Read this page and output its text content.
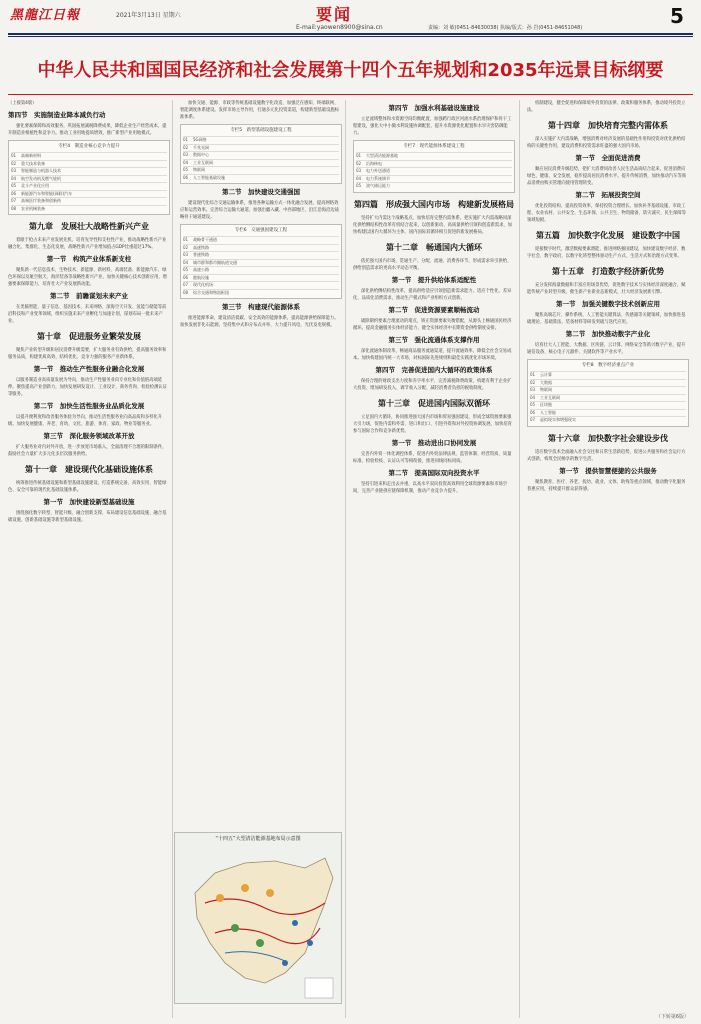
黑龍江日報	2021年3月13日 星期六	要闻
E-mail:yaowen8900@sina.cn	责编：刘 敏(0451-84630038) 执编/版式：孙 岩(0451-84651048)	5
中华人民共和国国民经济和社会发展第十四个五年规划和2035年远景目标纲要

（上接第4版）

第四节　实施制造业降本减负行动

强化要素保障和高效服务，巩固拓展减税降费成果，降低企业生产经营成本，提升制造业根植性和竞争力。推动工业用地提质增效，推广新型产业用地模式。

专栏4　制造业核心竞争力提升
01	高端新材料
02	重大技术装备
03	智能制造与机器人技术
04	航空发动机及燃气轮机
05	北斗产业化应用
06	新能源汽车和智能(网联)汽车
07	高端医疗装备和创新药
08	农业机械装备
第九章　发展壮大战略性新兴产业

着眼于抢占未来产业发展先机，培育先导性和支柱性产业，推动战略性新兴产业融合化、集群化、生态化发展，战略性新兴产业增加值占GDP比重超过17%。

第一节　构筑产业体系新支柱

聚焦新一代信息技术、生物技术、新能源、新材料、高端装备、新能源汽车、绿色环保以及航空航天、海洋装备等战略性新兴产业，加快关键核心技术创新应用，增强要素保障能力，培育壮大产业发展新动能。

第二节　前瞻谋划未来产业

在类脑智能、量子信息、基因技术、未来网络、深海空天开发、氢能与储能等前沿科技和产业变革领域，组织实施未来产业孵化与加速计划，谋划布局一批未来产业。

第十章　促进服务业繁荣发展

聚焦产业转型升级和居民消费升级需要，扩大服务业有效供给，提高服务效率和服务品质，构建优质高效、结构优化、竞争力强的服务产业新体系。

第一节　推动生产性服务业融合化发展

以服务制造业高质量发展为导向，推动生产性服务业向专业化和价值链高端延伸。聚焦提高产业创新力，加快发展研发设计、工业设计、商务咨询、检验检测认证等服务。

第二节　加快生活性服务业品质化发展

以提升便利度和改善服务体验为导向，推动生活性服务业向高品质和多样化升级。加快发展健康、养老、育幼、文化、旅游、体育、家政、物业等服务业。

第三节　深化服务领域改革开放

扩大服务业对内对外开放，进一步放宽市场准入，全面清理不合理的限制条件，鼓励社会力量扩大多元化多层次服务供给。

第十一章　建设现代化基础设施体系

统筹推进传统基础设施和新型基础设施建设，打造系统完备、高效实用、智能绿色、安全可靠的现代化基础设施体系。

第一节　加快建设新型基础设施

围绕强化数字转型、智能升级、融合创新支撑，布局建设信息基础设施、融合基础设施、创新基础设施等新型基础设施。

加快交通、能源、市政等传统基础设施数字化改造，加强泛在感知、终端联网、智能调度体系建设。发挥市场主导作用，打通多元化投资渠道，构建新型基础设施标准体系。

专栏5　新型基础设施建设工程
01	5G网络
02	千兆光网
03	数据中心
04	工业互联网
05	物联网
06	人工智能基础设施
第二节　加快建设交通强国

建设现代化综合交通运输体系，推进各种运输方式一体化融合发展，提高网络效应和运营效率。完善综合运输大通道，加强出疆入藏、中西部地区、沿江沿海沿边战略骨干通道建设。

专栏6　交通强国建设工程
01	战略骨干通道
02	高速铁路
03	普速铁路
04	城市群和都市圈轨道交通
05	高速公路
06	港航设施
07	现代化机场
08	综合交通和物流枢纽
第三节　构建现代能源体系

推进能源革命，建设清洁低碳、安全高效的能源体系，提高能源供给保障能力。加快发展非化石能源，坚持集中式和分布式并举，大力提升风电、光伏发电规模。

“十四五”大型清洁能源基地布局示意图
第四节　加强水利基础设施建设

立足流域整体和水资源空间均衡配置，加强跨行政区河流水系治理保护和骨干工程建设，强化大中小微水利设施协调配套，提升水资源优化配置和水旱灾害防御能力。

专栏7　现代能源体系建设工程
01	大型清洁能源基地
02	沿海核电
03	电力外送通道
04	电力系统调节
05	油气储运能力
第四篇　形成强大国内市场　构建新发展格局

坚持扩大内需这个战略基点，加快培育完整内需体系，把实施扩大内需战略同深化供给侧结构性改革有机结合起来，以创新驱动、高质量供给引领和创造新需求，加快构建以国内大循环为主体、国内国际双循环相互促进的新发展格局。

第十二章　畅通国内大循环

依托强大国内市场，贯通生产、分配、流通、消费各环节，形成需求牵引供给、供给创造需求的更高水平动态平衡。

第一节　提升供给体系适配性

深化供给侧结构性改革，提高供给适应引领创造新需求能力。适应个性化、差异化、品质化消费需求，推动生产模式和产业组织方式创新。

第二节　促进资源要素顺畅流动

破除制约要素合理流动的堵点，矫正资源要素失衡错配，从源头上畅通国民经济循环。提高金融服务实体经济能力，健全实体经济中长期资金供给制度安排。

第三节　强化流通体系支撑作用

深化流通体制改革，畅通商品服务流通渠道，提升流通效率，降低全社会交易成本。加快构建国内统一大市场，对标国际先进规则和最佳实践优化市场环境。

第四节　完善促进国内大循环的政策体系

保持合理的财政支出力度和赤字率水平，完善减税降费政策，构建有利于企业扩大投资、增加研发投入、调节收入分配、减轻消费者负担的税收制度。

第十三章　促进国内国际双循环

立足国内大循环，协同推进强大国内市场和贸易强国建设，形成全球资源要素强大引力场，促进内需和外需、进口和出口、引进外资和对外投资协调发展，加快培育参与国际合作和竞争新优势。

第一节　推动进出口协同发展

完善内外贸一体化调控体系，促进内外贸法律法规、监管体制、经营资质、质量标准、检验检疫、认证认可等相衔接，推进同线同标同质。

第二节　提高国际双向投资水平

坚持引进来和走出去并重，以高水平双向投资高效利用全球资源要素和市场空间，完善产业链供应链保障机制，推动产业竞争力提升。

机制建设，健全促进和保障境外投资的法律、政策和服务体系，推动境外投资立法。

第十四章　加快培育完整内需体系

深入实施扩大内需战略，增强消费对经济发展的基础性作用和投资对优化供给结构的关键性作用，建设消费和投资需求旺盛的强大国内市场。

第一节　全面促进消费

顺应居民消费升级趋势，把扩大消费同改善人民生活品质结合起来，促进消费向绿色、健康、安全发展，稳步提高居民消费水平。提升传统消费，加快推动汽车等商品消费由购买管理向使用管理转变。

第二节　拓展投资空间

优化投资结构，提高投资效率，保持投资合理增长。加快补齐基础设施、市政工程、农业农村、公共安全、生态环保、公共卫生、物资储备、防灾减灾、民生保障等领域短板。

第五篇　加快数字化发展　建设数字中国

迎接数字时代，激活数据要素潜能，推进网络强国建设，加快建设数字经济、数字社会、数字政府，以数字化转型整体驱动生产方式、生活方式和治理方式变革。

第十五章　打造数字经济新优势

充分发挥海量数据和丰富应用场景优势，促进数字技术与实体经济深度融合，赋能传统产业转型升级，催生新产业新业态新模式，壮大经济发展新引擎。

第一节　加强关键数字技术创新应用

聚焦高端芯片、操作系统、人工智能关键算法、传感器等关键领域，加快推进基础理论、基础算法、装备材料等研发突破与迭代应用。

第二节　加快推动数字产业化

培育壮大人工智能、大数据、区块链、云计算、网络安全等新兴数字产业，提升通信设备、核心电子元器件、关键软件等产业水平。

专栏8　数字经济重点产业
01	云计算
02	大数据
03	物联网
04	工业互联网
05	区块链
06	人工智能
07	虚拟现实和增强现实
第十六章　加快数字社会建设步伐

适应数字技术全面融入社会交往和日常生活新趋势，促进公共服务和社会运行方式创新，构筑全民畅享的数字生活。

第一节　提供智慧便捷的公共服务

聚焦教育、医疗、养老、抚幼、就业、文体、助残等重点领域，推动数字化服务普惠应用，持续提升群众获得感。

（下转第6版）
